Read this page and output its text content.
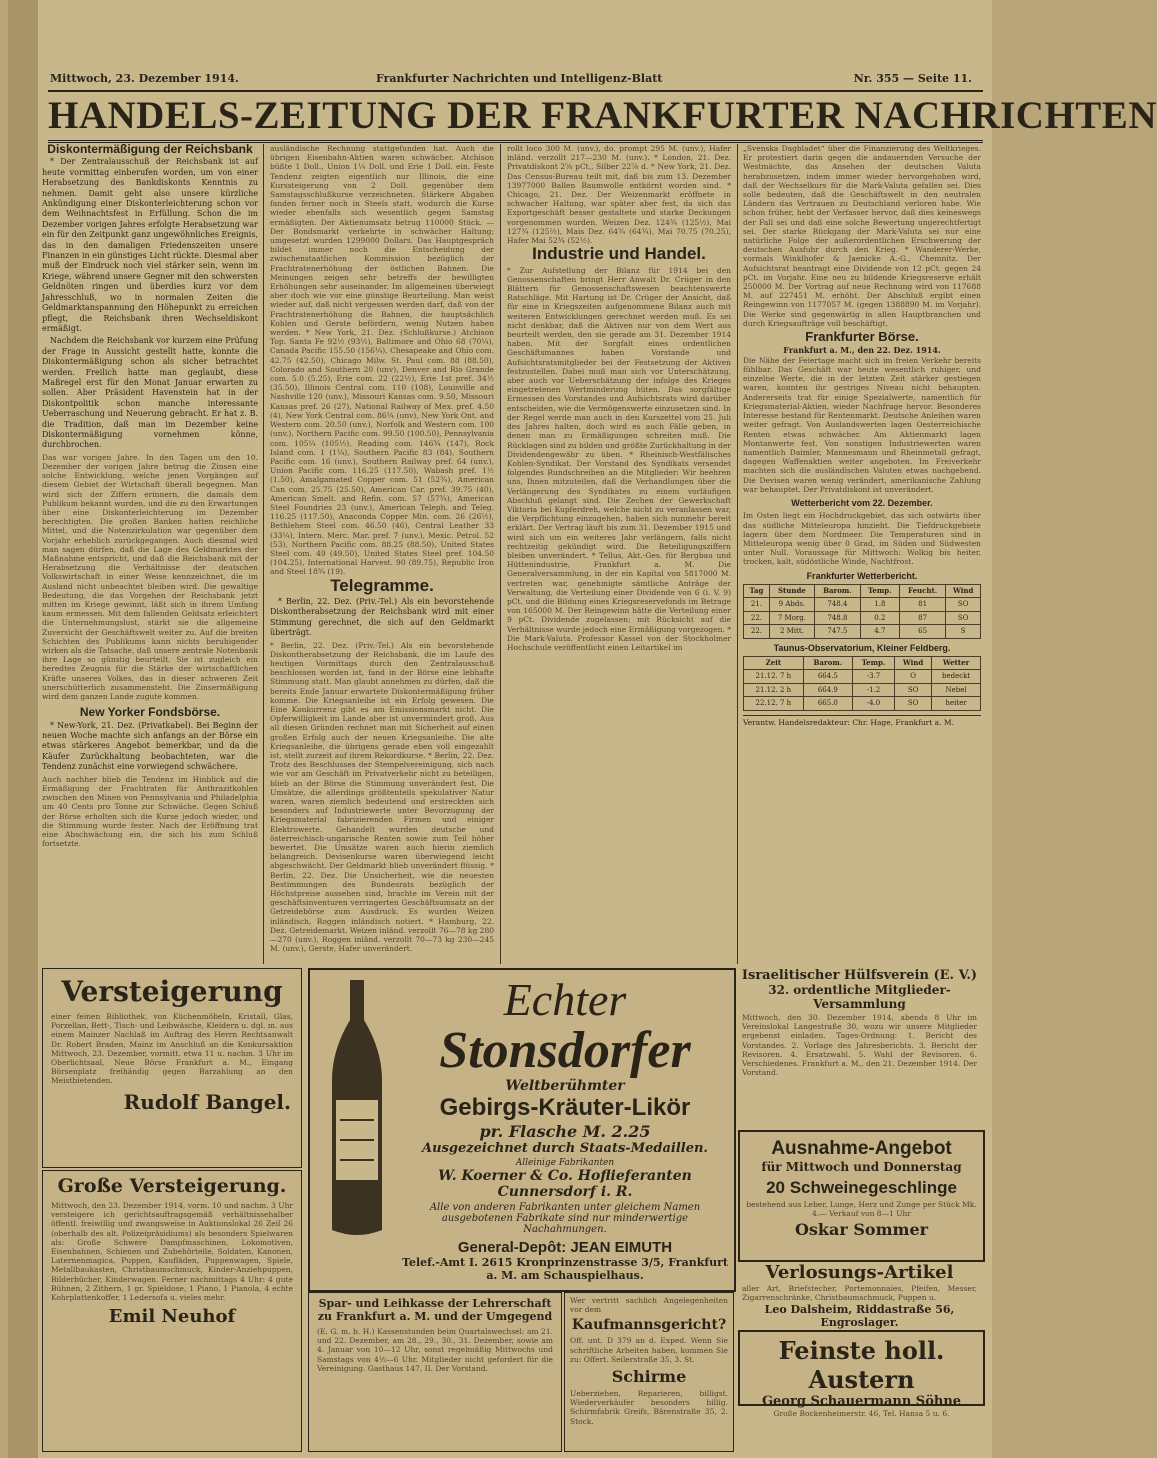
Mittwoch, 23. Dezember 1914.	Frankfurter Nachrichten und Intelligenz-Blatt	Nr. 355 — Seite 11.
HANDELS-ZEITUNG DER FRANKFURTER NACHRICHTEN
Diskontermäßigung der Reichsbank

* Der Zentralausschuß der Reichsbank ist auf heute vormittag einberufen worden, um von einer Herabsetzung des Bankdiskonts Kenntnis zu nehmen. Damit geht also unsere kürzliche Ankündigung einer Diskonterleichterung schon vor dem Weihnachtsfest in Erfüllung. Schon die im Dezember vorigen Jahres erfolgte Herabsetzung war ein für den Zeitpunkt ganz ungewöhnliches Ereignis, das in den damaligen Friedenszeiten unsere Finanzen in ein günstiges Licht rückte. Diesmal aber muß der Eindruck noch viel stärker sein, wenn im Kriege, während unsere Gegner mit den schwersten Geldnöten ringen und überdies kurz vor dem Jahresschluß, wo in normalen Zeiten die Geldmarktanspannung den Höhepunkt zu erreichen pflegt, die Reichsbank ihren Wechseldiskont ermäßigt.

Nachdem die Reichsbank vor kurzem eine Prüfung der Frage in Aussicht gestellt hatte, konnte die Diskontermäßigung schon als sicher betrachtet werden. Freilich hatte man geglaubt, diese Maßregel erst für den Monat Januar erwarten zu sollen. Aber Präsident Havenstein hat in der Diskontpolitik schon manche interessante Ueberraschung und Neuerung gebracht. Er hat z. B. die Tradition, daß man im Dezember keine Diskontermäßigung vornehmen könne, durchbrochen.

Das war vorigen Jahre. In den Tagen um den 10. Dezember der vorigen Jahre betrug die Zinsen eine solche Entwicklung, welche jenen Vorgängen auf diesem Gebiet der Wirtschaft überall begegnen. Man wird sich der Ziffern erinnern, die damals dem Publikum bekannt wurden, und die zu den Erwartungen über eine Diskonterleichterung im Dezember berechtigten. Die großen Banken hatten reichliche Mittel, und die Notenzirkulation war gegenüber dem Vorjahr erheblich zurückgegangen. Auch diesmal wird man sagen dürfen, daß die Lage des Geldmarktes der Maßnahme entspricht, und daß die Reichsbank mit der Herabsetzung die Verhältnisse der deutschen Volkswirtschaft in einer Weise kennzeichnet, die im Ausland nicht unbeachtet bleiben wird. Die gewaltige Bedeutung, die das Vorgehen der Reichsbank jetzt mitten im Kriege gewinnt, läßt sich in ihrem Umfang kaum ermessen. Mit dem fallenden Geldsatz erleichtert die Unternehmungslust, stärkt sie die allgemeine Zuversicht der Geschäftswelt weiter zu. Auf die breiten Schichten des Publikums kann nichts beruhigender wirken als die Tatsache, daß unsere zentrale Notenbank ihre Lage so günstig beurteilt. Sie ist zugleich ein beredtes Zeugnis für die Stärke der wirtschaftlichen Kräfte unseres Volkes, das in dieser schweren Zeit unerschütterlich zusammensteht. Die Zinsermäßigung wird dem ganzen Lande zugute kommen.
New Yorker Fondsbörse.

* New-York, 21. Dez. (Privatkabel). Bei Beginn der neuen Woche machte sich anfangs an der Börse ein etwas stärkeres Angebot bemerkbar, und da die Käufer Zurückhaltung beobachteten, war die Tendenz zunächst eine vorwiegend schwächere.

Auch nachher blieb die Tendenz im Hinblick auf die Ermäßigung der Frachtraten für Anthrazitkohlen zwischen den Minen von Pennsylvania und Philadelphia um 40 Cents pro Tonne zur Schwäche. Gegen Schluß der Börse erholten sich die Kurse jedoch wieder, und die Stimmung wurde fester. Nach der Eröffnung trat eine Abschwächung ein, die sich bis zum Schluß fortsetzte.
ausländische Rechnung stattgefunden hat. Auch die übrigen Eisenbahn-Aktien waren schwächer. Atchison büßte 1 Doll., Union 1¼ Doll. und Erie 1 Doll. ein. Feste Tendenz zeigten eigentlich nur Illinois, die eine Kurssteigerung von 2 Doll. gegenüber dem Samstagsschlußkurse verzeichneten. Stärkere Abgaben fanden ferner noch in Steels statt, wodurch die Kurse wieder ebenfalls sich wesentlich gegen Samstag ermäßigten. Der Aktienumsatz betrug 110000 Stück. — Der Bondsmarkt verkehrte in schwächer Haltung; umgesetzt wurden 1299000 Dollars. Das Hauptgespräch bildet immer noch die Entscheidung der zwischenstaatlichen Kommission bezüglich der Frachtratenerhöhung der östlichen Bahnen. Die Meinungen zeigen sehr betreffs der bewilligten Erhöhungen sehr auseinander. Im allgemeinen überwiegt aber doch wie vor eine günstige Beurteilung. Man weist wieder auf, daß nicht vergessen werden darf, daß von der Frachtratenerhöhung die Bahnen, die hauptsächlich Kohlen und Gerste befördern, wenig Nutzen haben werden. * New York, 21. Dez. (Schlußkurse.) Atchison Top. Santa Fe 92½ (93½), Baltimore and Ohio 68 (70¼), Canada Pacific 155.50 (156¼), Chesapeake and Ohio com. 42.75 (42.50), Chicago Milw. St. Paul com. 88 (88.50), Colorado and Southern 20 (unv), Denver and Rio Grande com. 5.0 (5.25), Erie com. 22 (22½), Erie 1st pref. 34½ (35.50), Illinois Central com. 110 (108), Louisville and Nashville 120 (unv.), Missouri Kansas com. 9.50, Missouri Kansas pref. 26 (27), National Railway of Mex. pref. 4.50 (4), New York Central com. 86¼ (unv), New York Ont. and Western com. 20.50 (unv.), Norfolk and Western com. 100 (unv.), Northern Pacific com. 99.50 (100.50), Pennsylvania com. 105¼ (105½), Reading com. 146¾ (147), Rock Island com. 1 (1¼), Southern Pacific 83 (84), Southern Pacific com. 16 (unv.), Southern Railway pref. 64 (unv.), Union Pacific com. 116.25 (117.50), Wabash pref. 1½ (1.50), Amalgamated Copper com. 51 (52¾), American Can com. 25.75 (25.50), American Car. pref. 39.75 (40), American Smelt. and Refin. com. 57 (57¾), American Steel Foundries 23 (unv.), American Teleph. and Teleg. 116.25 (117.50), Anaconda Copper Min. com. 26 (26½), Bethlehem Steel com. 46.50 (46), Central Leather 33 (33¼), Intern. Merc. Mar. pref. 7 (unv.), Mexic. Petrol. 52 (53), Northern Pacific com. 88.25 (88.50), United States Steel com. 49 (49.50), United States Steel pref. 104.50 (104.25), International Harvest. 90 (89.75), Republic Iron and Steel 18¾ (19).
Telegramme.

* Berlin, 22. Dez. (Priv.-Tel.) Als ein bevorstehende Diskontherabsetzung der Reichsbank wird mit einer Stimmung gerechnet, die sich auf den Geldmarkt überträgt.

* Berlin, 22. Dez. (Priv.-Tel.) Als ein bevorstehende Diskontherabsetzung der Reichsbank, die im Laufe des heutigen Vormittags durch den Zentralausschuß beschlossen worden ist, fand in der Börse eine lebhafte Stimmung statt. Man glaubt annehmen zu dürfen, daß die bereits Ende Januar erwartete Diskontermäßigung früher komme. Die Kriegsanleihe ist ein Erfolg gewesen. Die Eine Konkurrenz gibt es am Emissionsmarkt nicht. Die Opferwilligkeit im Lande aber ist unvermindert groß. Aus all diesen Gründen rechnet man mit Sicherheit auf einen großen Erfolg auch der neuen Kriegsanleihe. Die alte Kriegsanleihe, die übrigens gerade eben voll eingezahlt ist, stellt zurzeit auf ihrem Rekordkurse. * Berlin, 22. Dez. Trotz des Beschlusses der Stempelvereinigung, sich nach wie vor am Geschäft im Privatverkehr nicht zu beteiligen, blieb an der Börse die Stimmung unverändert fest. Die Umsätze, die allerdings größtenteils spekulativer Natur waren, waren ziemlich bedeutend und erstreckten sich besonders auf Industriewerte unter Bevorzugung der Kriegsmaterial fabrizierenden Firmen und einiger Elektrowerte. Gehandelt wurden deutsche und österreichisch-ungarische Renten sowie zum Teil höher bewertet. Die Umsätze waren auch hierin ziemlich belangreich. Devisenkurse waren überwiegend leicht abgeschwächt. Der Geldmarkt blieb unverändert flüssig. * Berlin, 22. Dez. Die Unsicherheit, wie die neuesten Bestimmungen des Bundesrats bezüglich der Höchstpreise aussehen sind, brachte im Verein mit der geschäftsinventuren verringerten Geschäftsumsatz an der Getreidebörse zum Ausdruck. Es wurden Weizen inländisch, Roggen inländisch notiert. * Hamburg, 22. Dez. Getreidemarkt. Weizen inländ. verzollt 76—78 kg 280—270 (unv.), Roggen inländ. verzollt 70—73 kg 230—245 M. (unv.), Gerste, Hafer unverändert.
rollt loco 300 M. (unv.), do. prompt 295 M. (unv.), Hafer inländ. verzollt 217—230 M. (unv.). * London, 21. Dez. Privatdiskont 2⅝ pCt., Silber 22⅞ d. * New York, 21. Dez. Das Census-Bureau teilt mit, daß bis zum 13. Dezember 13977000 Ballen Baumwolle entkörnt worden sind. * Chicago, 21. Dez. Der Weizenmarkt eröffnete in schwacher Haltung, war später aber fest, da sich das Exportgeschäft besser gestaltete und starke Deckungen vorgenommen wurden. Weizen Dez. 124¾ (125½), Mai 127¾ (125½), Mais Dez. 64¾ (64¾), Mai 70.75 (70.25), Hafer Mai 52¾ (52½).
Industrie und Handel.
* Zur Aufstellung der Bilanz für 1914 bei den Genossenschaften bringt Herr Anwalt Dr. Crüger in den Blättern für Genossenschaftswesen beachtenswerte Ratschläge. Mit Hartung ist Dr. Crüger der Ansicht, daß für eine in Kriegszeiten aufgenommene Bilanz auch mit weiteren Entwicklungen gerechnet werden muß. Es sei nicht denkbar, daß die Aktiven nur von dem Wert aus beurteilt werden, den sie gerade am 31. Dezember 1914 haben. Mit der Sorgfalt eines ordentlichen Geschäftsmannes haben Vorstande und Aufsichtsratsmitglieder bei der Festsetzung der Aktiven festzustellen. Dabei muß man sich vor Unterschätzung, aber auch vor Ueberschätzung der infolge des Krieges eingetretenen Wertminderung hüten. Das sorgfältige Ermessen des Vorstandes und Aufsichtsrats wird darüber entscheiden, wie die Vermögenswerte einzusetzen sind. In der Regel werde man auch in den Kurszettel vom 25. Juli des Jahres halten, doch wird es auch Fälle geben, in denen man zu Ermäßigungen schreiten muß. Die Rücklagen sind zu bilden und größte Zurückhaltung in der Dividendengewähr zu üben. * Rheinisch-Westfälisches Kohlen-Syndikat. Der Vorstand des Syndikats versendet folgendes Rundschreiben an die Mitglieder: Wir beehren uns, Ihnen mitzuteilen, daß die Verhandlungen über die Verlängerung des Syndikates zu einem vorläufigen Abschluß gelangt sind. Die Zechen der Gewerkschaft Viktoria bei Kupferdreh, welche nicht zu veranlassen war, die Verpflichtung einzugehen, haben sich nunmehr bereit erklärt. Der Vertrag läuft bis zum 31. Dezember 1915 und wird sich um ein weiteres Jahr verlängern, falls nicht rechtzeitig gekündigt wird. Die Beteiligungsziffern bleiben unverändert. * Tellus, Akt.-Ges. für Bergbau und Hüttenindustrie, Frankfurt a. M. Die Generalversammlung, in der ein Kapital von 5817000 M. vertreten war, genehmigte sämtliche Anträge der Verwaltung, die Verteilung einer Dividende von 6 (i. V. 9) pCt. und die Bildung eines Kriegsreservefonds im Betrage von 165000 M. Der Reingewinn hätte die Verteilung einer 9 pCt. Dividende zugelassen; mit Rücksicht auf die Verhältnisse wurde jedoch eine Ermäßigung vorgezogen. * Die Mark-Valuta. Professor Kassel von der Stockholmer Hochschule veröffentlicht einen Leitartikel im
„Svenska Dagbladet“ über die Finanzierung des Weltkrieges. Er protestiert darin gegen die andauernden Versuche der Westmächte, das Ansehen der deutschen Valuta herabzusetzen, indem immer wieder hervorgehoben wird, daß der Wechselkurs für die Mark-Valuta gefallen sei. Dies solle bedeuten, daß die Geschäftswelt in den neutralen Ländern das Vertrauen zu Deutschland verloren habe. Wie schon früher, hebt der Verfasser hervor, daß dies keineswegs der Fall sei und daß eine solche Bewertung ungerechtfertigt sei. Der starke Rückgang der Mark-Valuta sei nur eine natürliche Folge der außerordentlichen Erschwerung der deutschen Ausfuhr durch den Krieg. * Wanderer-Werke, vormals Winklhofer & Jaenicke A.-G., Chemnitz. Der Aufsichtsrat beantragt eine Dividende von 12 pCt. gegen 24 pCt. im Vorjahr. Eine neu zu bildende Kriegsreserve erhält 250000 M. Der Vortrag auf neue Rechnung wird von 117688 M. auf 227451 M. erhöht. Der Abschluß ergibt einen Reingewinn von 1177057 M. (gegen 1388890 M. im Vorjahr). Die Werke sind gegenwärtig in allen Hauptbranchen und durch Kriegsaufträge voll beschäftigt.
Frankfurter Börse.
Frankfurt a. M., den 22. Dez. 1914.
Die Nähe der Feiertage macht sich im freien Verkehr bereits fühlbar. Das Geschäft war heute wesentlich ruhiger, und einzelne Werte, die in der letzten Zeit stärker gestiegen waren, konnten ihr gestriges Niveau nicht behaupten. Andererseits trat für einige Spezialwerte, namentlich für Kriegsmaterial-Aktien, wieder Nachfrage hervor. Besonderes Interesse bestand für Rentenmarkt. Deutsche Anleihen waren weiter gefragt. Von Auslandswerten lagen Oesterreichische Renten etwas schwächer. Am Aktienmarkt lagen Montanwerte fest. Von sonstigen Industriewerten waren namentlich Daimler, Mannesmann und Rheinmetall gefragt, dagegen Waffenaktien weiter angeboten. Im Freiverkehr machten sich die ausländischen Valuten etwas nachgebend. Die Devisen waren wenig verändert, amerikanische Zahlung war behauptet. Der Privatdiskont ist unverändert.
Wetterbericht vom 22. Dezember.
Im Osten liegt ein Hochdruckgebiet, das sich ostwärts über das südliche Mitteleuropa hinzieht. Die Tiefdruckgebiete lagern über dem Nordmeer. Die Temperaturen sind in Mitteleuropa wenig über 0 Grad, im Süden und Südwesten unter Null. Voraussage für Mittwoch: Wolkig bis heiter, trocken, kalt, südöstliche Winde, Nachtfrost.
Frankfurter Wetterbericht.
Tag	Stunde	Barom.	Temp.	Feucht.	Wind
21.	9 Abds.	748.4	1.8	81	SO
22.	7 Morg.	748.8	0.2	87	SO
22.	2 Mitt.	747.5	4.7	65	S
Taunus-Observatorium, Kleiner Feldberg.
Zeit	Barom.	Temp.	Wind	Wetter
21.12. 7 h	664.5	-3.7	O	bedeckt
21.12. 2 h	664.9	-1.2	SO	Nebel
22.12. 7 h	665.0	-4.0	SO	heiter
Verantw. Handelsredakteur: Chr. Hage, Frankfurt a. M.
Versteigerung
einer feinen Bibliothek, von Küchenmöbeln, Kristall, Glas, Porzellan, Bett-, Tisch- und Leibwäsche, Kleidern u. dgl. m. aus einem Mainzer Nachlaß im Auftrag des Herrn Rechtsanwalt Dr. Robert Braden, Mainz im Anschluß an die Konkursaktion Mittwoch, 23. Dezember, vormitt. etwa 11 u. nachm. 3 Uhr im Oberlichtsaal, Neue Börse Frankfurt a. M., Eingang Börsenplatz freihändig gegen Barzahlung an den Meistbietenden.
Rudolf Bangel.
Große Versteigerung.
Mittwoch, den 23. Dezember 1914, vorm. 10 und nachm. 3 Uhr versteigere ich gerichtsauftragsgemäß verhältnissehalber öffentl. freiwillig und zwangsweise in Auktionslokal 26 Zeil 26 (oberhalb des alt. Polizeipräsidiums) als besonders Spielwaren als: Große Schwere Dampfmaschinen, Lokomotiven, Eisenbahnen, Schienen und Zubehörteile, Soldaten, Kanonen, Laternenmagica, Puppen, Kaufläden, Puppenwagen, Spiele, Metallbaukasten, Christbaumschmuck, Kinder-Anziehpuppen, Bilderbücher, Kinderwagen. Ferner nachmittags 4 Uhr: 4 gute Bühnen, 2 Zithern, 1 gr. Spieldose, 1 Piano, 1 Pianola, 4 echte Kohrplattenkoffer, 1 Ledersofa u. vieles mehr.
Emil Neuhof
Echter
Stonsdorfer
Weltberühmter
Gebirgs-Kräuter-Likör
pr. Flasche M. 2.25
Ausgezeichnet durch Staats-Medaillen.
Alleinige Fabrikanten
W. Koerner & Co. Hoflieferanten Cunnersdorf i. R.
Alle von anderen Fabrikanten unter gleichem Namen ausgebotenen Fabrikate sind nur minderwertige Nachahmungen.
General-Depôt: JEAN EIMUTH
Telef.-Amt I. 2615 Kronprinzenstrasse 3/5, Frankfurt a. M. am Schauspielhaus.
Spar- und Leihkasse der Lehrerschaft zu Frankfurt a. M. und der Umgegend
(E. G. m. b. H.) Kassenstunden beim Quartalswechsel: am 21. und 22. Dezember, am 28., 29., 30., 31. Dezember, sowie am 4. Januar von 10—12 Uhr, sonst regelmäßig Mittwochs und Samstags von 4½—6 Uhr. Mitglieder nicht gefordert für die Vereinigung. Gasthaus 147, II. Der Vorstand.
Wer vertritt sachlich Angelegenheiten vor dem
Kaufmannsgericht?
Off. unt. D 379 an d. Exped. Wenn Sie schriftliche Arbeiten haben, kommen Sie zu: Offert. Seilerstraße 35, 3. St.
Schirme
Ueberziehen, Reparieren, billigst. Wiederverkäufer besonders billig. Schirmfabrik Greifs, Bärenstraße 35, 2. Stock.
Israelitischer Hülfsverein (E. V.)
32. ordentliche Mitglieder-Versammlung
Mittwoch, den 30. Dezember 1914, abends 8 Uhr im Vereinslokal Langestraße 30, wozu wir unsere Mitglieder ergebenst einladen. Tages-Ordnung: 1. Bericht des Vorstandes. 2. Vorlage des Jahresberichts. 3. Bericht der Revisoren. 4. Ersatzwahl. 5. Wahl der Revisoren. 6. Verschiedenes. Frankfurt a. M., den 21. Dezember 1914. Der Vorstand.
Ausnahme-Angebot
für Mittwoch und Donnerstag
20 Schweinegeschlinge
bestehend aus Leber, Lunge, Herz und Zunge per Stück Mk. 4.— Verkauf von 8—1 Uhr
Oskar Sommer
Verlosungs-Artikel
aller Art, Briefstecher, Portemonnaies, Pfeifen, Messer, Zigarrenschränke, Christbaumschmuck, Puppen u.
Leo Dalsheim, Riddastraße 56, Engroslager.
Feinste holl. Austern
Georg Schauermann Söhne
Große Bockenheimerstr. 46, Tel. Hansa 5 u. 6.
